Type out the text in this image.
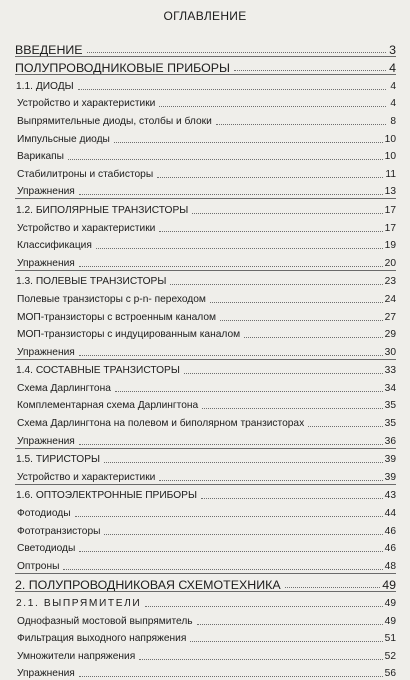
ОГЛАВЛЕНИЕ
ВВЕДЕНИЕ	3
ПОЛУПРОВОДНИКОВЫЕ ПРИБОРЫ	4
1.1. ДИОДЫ	4
Устройство и характеристики	4
Выпрямительные диоды, столбы и блоки	8
Импульсные диоды	10
Варикапы	10
Стабилитроны и стабисторы	11
Упражнения	13
1.2. БИПОЛЯРНЫЕ ТРАНЗИСТОРЫ	17
Устройство и характеристики	17
Классификация	19
Упражнения	20
1.3. ПОЛЕВЫЕ ТРАНЗИСТОРЫ	23
Полевые транзисторы с p-n- переходом	24
МОП-транзисторы с встроенным каналом	27
МОП-транзисторы с индуцированным каналом	29
Упражнения	30
1.4. СОСТАВНЫЕ ТРАНЗИСТОРЫ	33
Схема Дарлингтона	34
Комплементарная схема Дарлингтона	35
Схема Дарлингтона на полевом и биполярном транзисторах	35
Упражнения	36
1.5. ТИРИСТОРЫ	39
Устройство и характеристики	39
1.6. ОПТОЭЛЕКТРОННЫЕ ПРИБОРЫ	43
Фотодиоды	44
Фототранзисторы	46
Светодиоды	46
Оптроны	48
2. ПОЛУПРОВОДНИКОВАЯ СХЕМОТЕХНИКА	49
2.1. ВЫПРЯМИТЕЛИ	49
Однофазный мостовой выпрямитель	49
Фильтрация выходного напряжения	51
Умножители напряжения	52
Упражнения	56
